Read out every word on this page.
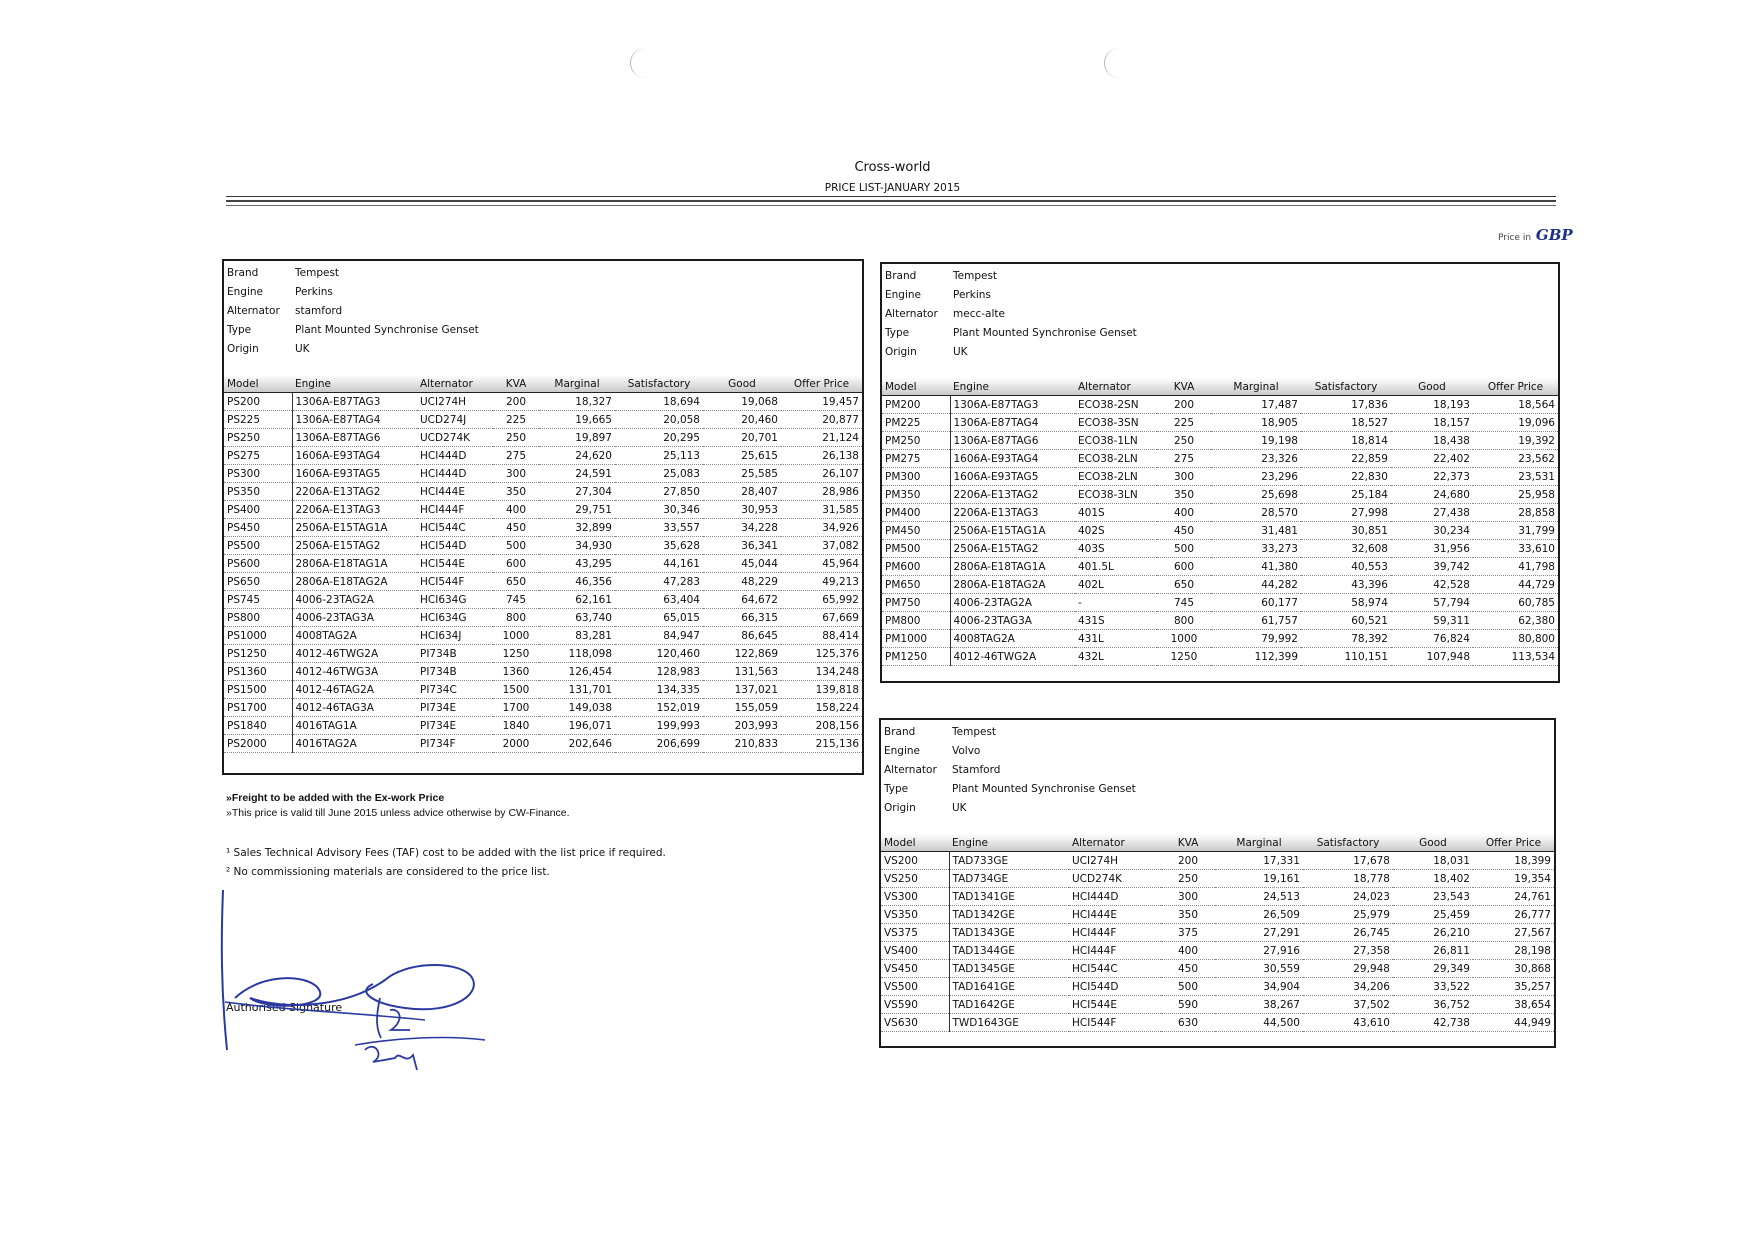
Cross-world
PRICE LIST-JANUARY 2015
Price in GBP
Brand	Tempest
Engine	Perkins
Alternator	stamford
Type	Plant Mounted Synchronise Genset
Origin	UK
Model	Engine	Alternator	KVA	Marginal	Satisfactory	Good	Offer Price
PS200	1306A-E87TAG3	UCI274H	200	18,327	18,694	19,068	19,457
PS225	1306A-E87TAG4	UCD274J	225	19,665	20,058	20,460	20,877
PS250	1306A-E87TAG6	UCD274K	250	19,897	20,295	20,701	21,124
PS275	1606A-E93TAG4	HCI444D	275	24,620	25,113	25,615	26,138
PS300	1606A-E93TAG5	HCI444D	300	24,591	25,083	25,585	26,107
PS350	2206A-E13TAG2	HCI444E	350	27,304	27,850	28,407	28,986
PS400	2206A-E13TAG3	HCI444F	400	29,751	30,346	30,953	31,585
PS450	2506A-E15TAG1A	HCI544C	450	32,899	33,557	34,228	34,926
PS500	2506A-E15TAG2	HCI544D	500	34,930	35,628	36,341	37,082
PS600	2806A-E18TAG1A	HCI544E	600	43,295	44,161	45,044	45,964
PS650	2806A-E18TAG2A	HCI544F	650	46,356	47,283	48,229	49,213
PS745	4006-23TAG2A	HCI634G	745	62,161	63,404	64,672	65,992
PS800	4006-23TAG3A	HCI634G	800	63,740	65,015	66,315	67,669
PS1000	4008TAG2A	HCI634J	1000	83,281	84,947	86,645	88,414
PS1250	4012-46TWG2A	PI734B	1250	118,098	120,460	122,869	125,376
PS1360	4012-46TWG3A	PI734B	1360	126,454	128,983	131,563	134,248
PS1500	4012-46TAG2A	PI734C	1500	131,701	134,335	137,021	139,818
PS1700	4012-46TAG3A	PI734E	1700	149,038	152,019	155,059	158,224
PS1840	4016TAG1A	PI734E	1840	196,071	199,993	203,993	208,156
PS2000	4016TAG2A	PI734F	2000	202,646	206,699	210,833	215,136
Brand	Tempest
Engine	Perkins
Alternator	mecc-alte
Type	Plant Mounted Synchronise Genset
Origin	UK
Model	Engine	Alternator	KVA	Marginal	Satisfactory	Good	Offer Price
PM200	1306A-E87TAG3	ECO38-2SN	200	17,487	17,836	18,193	18,564
PM225	1306A-E87TAG4	ECO38-3SN	225	18,905	18,527	18,157	19,096
PM250	1306A-E87TAG6	ECO38-1LN	250	19,198	18,814	18,438	19,392
PM275	1606A-E93TAG4	ECO38-2LN	275	23,326	22,859	22,402	23,562
PM300	1606A-E93TAG5	ECO38-2LN	300	23,296	22,830	22,373	23,531
PM350	2206A-E13TAG2	ECO38-3LN	350	25,698	25,184	24,680	25,958
PM400	2206A-E13TAG3	401S	400	28,570	27,998	27,438	28,858
PM450	2506A-E15TAG1A	402S	450	31,481	30,851	30,234	31,799
PM500	2506A-E15TAG2	403S	500	33,273	32,608	31,956	33,610
PM600	2806A-E18TAG1A	401.5L	600	41,380	40,553	39,742	41,798
PM650	2806A-E18TAG2A	402L	650	44,282	43,396	42,528	44,729
PM750	4006-23TAG2A	-	745	60,177	58,974	57,794	60,785
PM800	4006-23TAG3A	431S	800	61,757	60,521	59,311	62,380
PM1000	4008TAG2A	431L	1000	79,992	78,392	76,824	80,800
PM1250	4012-46TWG2A	432L	1250	112,399	110,151	107,948	113,534
Brand	Tempest
Engine	Volvo
Alternator	Stamford
Type	Plant Mounted Synchronise Genset
Origin	UK
Model	Engine	Alternator	KVA	Marginal	Satisfactory	Good	Offer Price
VS200	TAD733GE	UCI274H	200	17,331	17,678	18,031	18,399
VS250	TAD734GE	UCD274K	250	19,161	18,778	18,402	19,354
VS300	TAD1341GE	HCI444D	300	24,513	24,023	23,543	24,761
VS350	TAD1342GE	HCI444E	350	26,509	25,979	25,459	26,777
VS375	TAD1343GE	HCI444F	375	27,291	26,745	26,210	27,567
VS400	TAD1344GE	HCI444F	400	27,916	27,358	26,811	28,198
VS450	TAD1345GE	HCI544C	450	30,559	29,948	29,349	30,868
VS500	TAD1641GE	HCI544D	500	34,904	34,206	33,522	35,257
VS590	TAD1642GE	HCI544E	590	38,267	37,502	36,752	38,654
VS630	TWD1643GE	HCI544F	630	44,500	43,610	42,738	44,949
»Freight to be added with the Ex-work Price
»This price is valid till June 2015 unless advice otherwise by CW-Finance.
¹ Sales Technical Advisory Fees (TAF) cost to be added with the list price if required.
² No commissioning materials are considered to the price list.
Authorised Signature
